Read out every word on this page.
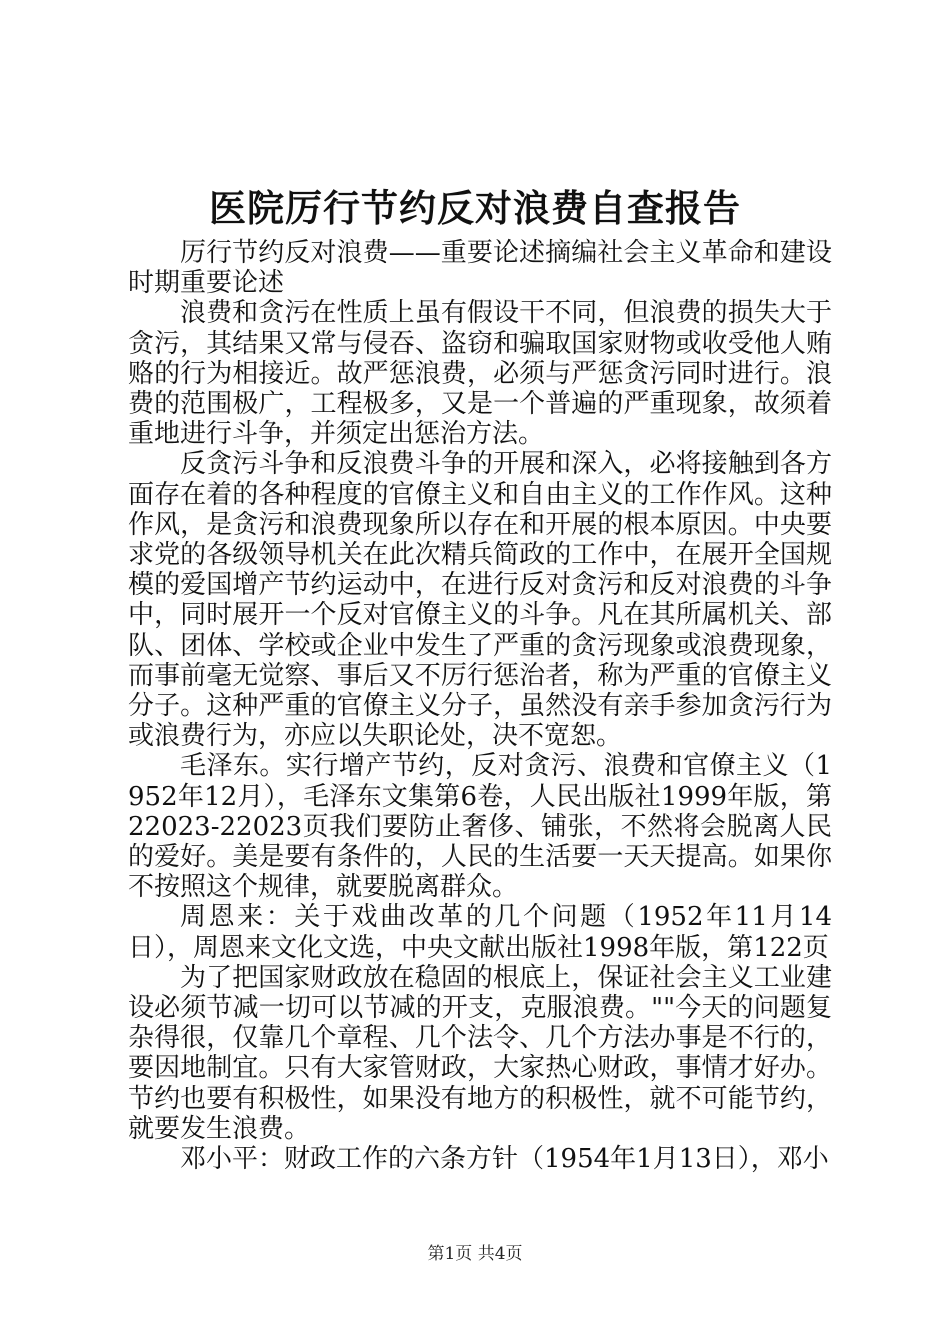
医院厉行节约反对浪费自查报告

厉行节约反对浪费——重要论述摘编社会主义革命和建设时期重要论述

浪费和贪污在性质上虽有假设干不同，但浪费的损失大于贪污，其结果又常与侵吞、盗窃和骗取国家财物或收受他人贿赂的行为相接近。故严惩浪费，必须与严惩贪污同时进行。浪费的范围极广，工程极多，又是一个普遍的严重现象，故须着重地进行斗争，并须定出惩治方法。

反贪污斗争和反浪费斗争的开展和深入，必将接触到各方面存在着的各种程度的官僚主义和自由主义的工作作风。这种作风，是贪污和浪费现象所以存在和开展的根本原因。中央要求党的各级领导机关在此次精兵简政的工作中，在展开全国规模的爱国增产节约运动中，在进行反对贪污和反对浪费的斗争中，同时展开一个反对官僚主义的斗争。凡在其所属机关、部队、团体、学校或企业中发生了严重的贪污现象或浪费现象，而事前毫无觉察、事后又不厉行惩治者，称为严重的官僚主义分子。这种严重的官僚主义分子，虽然没有亲手参加贪污行为或浪费行为，亦应以失职论处，决不宽恕。

毛泽东。实行增产节约，反对贪污、浪费和官僚主义（1952年12月），毛泽东文集第6卷，人民出版社1999年版，第22023-22023页我们要防止奢侈、铺张，不然将会脱离人民的爱好。美是要有条件的，人民的生活要一天天提高。如果你不按照这个规律，就要脱离群众。

周恩来：关于戏曲改革的几个问题（1952年11月14日），周恩来文化文选，中央文献出版社1998年版，第122页

为了把国家财政放在稳固的根底上，保证社会主义工业建设必须节减一切可以节减的开支，克服浪费。""今天的问题复杂得很，仅靠几个章程、几个法令、几个方法办事是不行的，要因地制宜。只有大家管财政，大家热心财政，事情才好办。节约也要有积极性，如果没有地方的积极性，就不可能节约，就要发生浪费。

邓小平：财政工作的六条方针（1954年1月13日），邓小

第1页 共4页
